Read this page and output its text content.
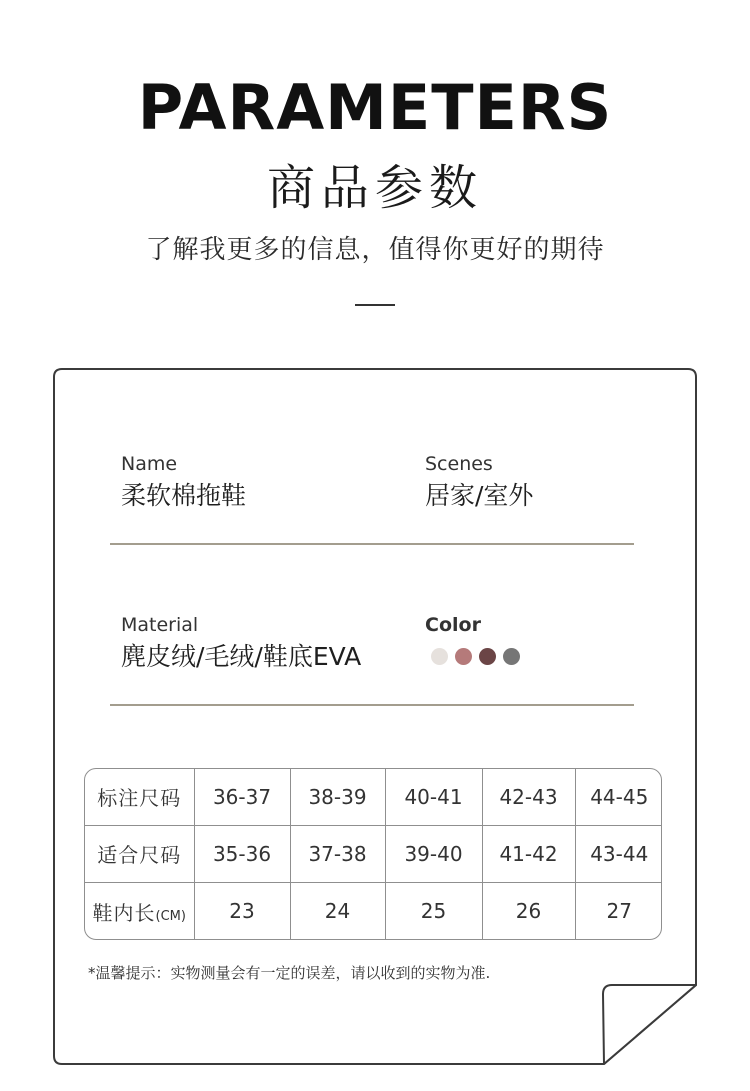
PARAMETERS
商品参数
了解我更多的信息，值得你更好的期待
Name
柔软棉拖鞋
Scenes
居家/室外
Material
麂皮绒/毛绒/鞋底EVA
Color
标注尺码	36-37	38-39	40-41	42-43	44-45
适合尺码	35-36	37-38	39-40	41-42	43-44
鞋内长(CM)	23	24	25	26	27
*温馨提示：实物测量会有一定的误差，请以收到的实物为准.
